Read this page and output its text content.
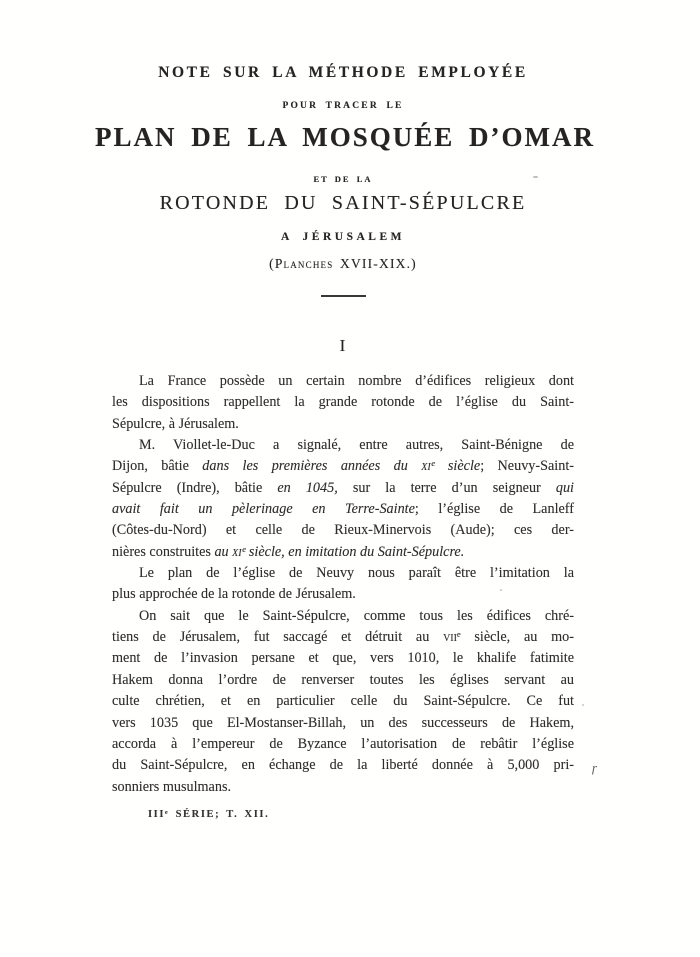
NOTE SUR LA MÉTHODE EMPLOYÉE
POUR TRACER LE
PLAN DE LA MOSQUÉE D’OMAR
ET DE LA
ROTONDE DU SAINT-SÉPULCRE
A JÉRUSALEM
(Planches XVII-XIX.)
I
La France possède un certain nombre d’édifices religieux dont
les dispositions rappellent la grande rotonde de l’église du Saint-
Sépulcre, à Jérusalem.
M. Viollet-le-Duc a signalé, entre autres, Saint-Bénigne de
Dijon, bâtie dans les premières années du xiᵉ siècle; Neuvy-Saint-
Sépulcre (Indre), bâtie en 1045, sur la terre d’un seigneur qui
avait fait un pèlerinage en Terre-Sainte; l’église de Lanleff
(Côtes-du-Nord) et celle de Rieux-Minervois (Aude); ces der-
nières construites au xiᵉ siècle, en imitation du Saint-Sépulcre.
Le plan de l’église de Neuvy nous paraît être l’imitation la
plus approchée de la rotonde de Jérusalem.
On sait que le Saint-Sépulcre, comme tous les édifices chré-
tiens de Jérusalem, fut saccagé et détruit au viiᵉ siècle, au mo-
ment de l’invasion persane et que, vers 1010, le khalife fatimite
Hakem donna l’ordre de renverser toutes les églises servant au
culte chrétien, et en particulier celle du Saint-Sépulcre. Ce fut
vers 1035 que El-Mostanser-Billah, un des successeurs de Hakem,
accorda à l’empereur de Byzance l’autorisation de rebâtir l’église
du Saint-Sépulcre, en échange de la liberté donnée à 5,000 pri-
sonniers musulmans.
IIIᵉ SÉRIE; T. XII.
ɼ
